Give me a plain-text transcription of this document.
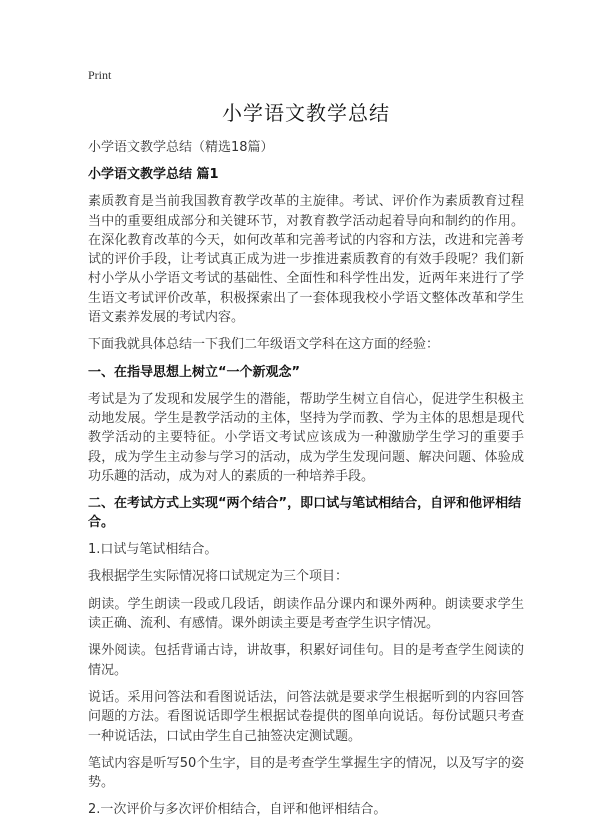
Print
小学语文教学总结

小学语文教学总结（精选18篇）

小学语文教学总结 篇1

素质教育是当前我国教育教学改革的主旋律。考试、评价作为素质教育过程当中的重要组成部分和关键环节，对教育教学活动起着导向和制约的作用。在深化教育改革的今天，如何改革和完善考试的内容和方法，改进和完善考试的评价手段，让考试真正成为进一步推进素质教育的有效手段呢？我们新村小学从小学语文考试的基础性、全面性和科学性出发，近两年来进行了学生语文考试评价改革，积极探索出了一套体现我校小学语文整体改革和学生语文素养发展的考试内容。

下面我就具体总结一下我们二年级语文学科在这方面的经验：

一、在指导思想上树立“一个新观念”

考试是为了发现和发展学生的潜能，帮助学生树立自信心，促进学生积极主动地发展。学生是教学活动的主体，坚持为学而教、学为主体的思想是现代教学活动的主要特征。小学语文考试应该成为一种激励学生学习的重要手段，成为学生主动参与学习的活动，成为学生发现问题、解决问题、体验成功乐趣的活动，成为对人的素质的一种培养手段。

二、在考试方式上实现“两个结合”，即口试与笔试相结合，自评和他评相结合。

1.口试与笔试相结合。

我根据学生实际情况将口试规定为三个项目：

朗读。学生朗读一段或几段话，朗读作品分课内和课外两种。朗读要求学生读正确、流利、有感情。课外朗读主要是考查学生识字情况。

课外阅读。包括背诵古诗，讲故事，积累好词佳句。目的是考查学生阅读的情况。

说话。采用问答法和看图说话法，问答法就是要求学生根据听到的内容回答问题的方法。看图说话即学生根据试卷提供的图单向说话。每份试题只考查一种说话法，口试由学生自己抽签决定测试题。

笔试内容是听写50个生字，目的是考查学生掌握生字的情况，以及写字的姿势。

2.一次评价与多次评价相结合，自评和他评相结合。
